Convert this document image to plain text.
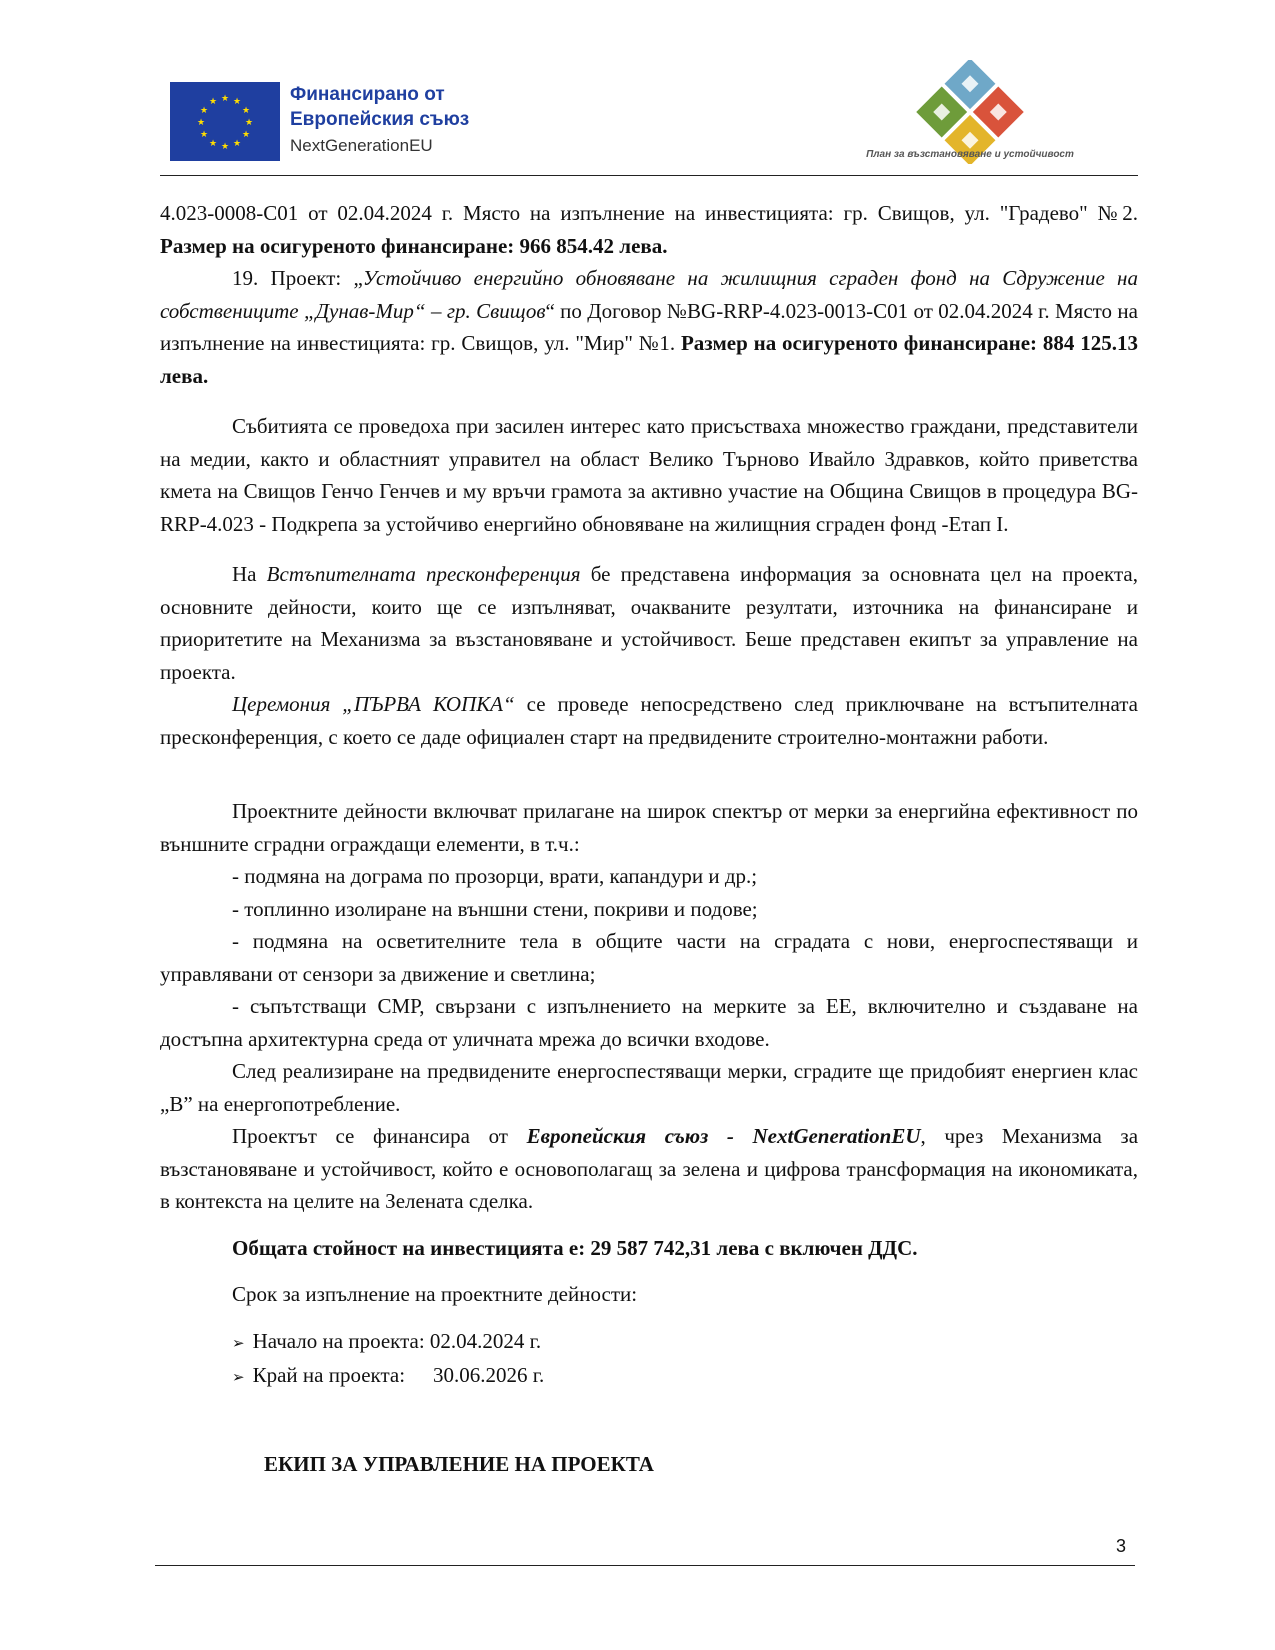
★ ★
★
★
★
★
★
★
★
★
★
★	Финансирано от
Европейския съюз
NextGenerationEU	План за възстановяване и устойчивост

4.023-0008-C01 от 02.04.2024 г. Място на изпълнение на инвестицията: гр. Свищов, ул. "Градево" №2. Размер на осигуреното финансиране: 966 854.42 лева.

19. Проект: „Устойчиво енергийно обновяване на жилищния сграден фонд на Сдружение на собствениците „Дунав-Мир“ – гр. Свищов“ по Договор №BG-RRP-4.023-0013-C01 от 02.04.2024 г. Място на изпълнение на инвестицията: гр. Свищов, ул. "Мир" №1. Размер на осигуреното финансиране: 884 125.13 лева.

Събитията се проведоха при засилен интерес като присъстваха множество граждани, представители на медии, както и областният управител на област Велико Търново Ивайло Здравков, който приветства кмета на Свищов Генчо Генчев и му връчи грамота за активно участие на Община Свищов в процедура BG-RRP-4.023 - Подкрепа за устойчиво енергийно обновяване на жилищния сграден фонд -Етап I.

На Встъпителната пресконференция бе представена информация за основната цел на проекта, основните дейности, които ще се изпълняват, очакваните резултати, източника на финансиране и приоритетите на Механизма за възстановяване и устойчивост. Беше представен екипът за управление на проекта.

Церемония „ПЪРВА КОПКА“ се проведе непосредствено след приключване на встъпителната пресконференция, с което се даде официален старт на предвидените строително-монтажни работи.

Проектните дейности включват прилагане на широк спектър от мерки за енергийна ефективност по външните сградни ограждащи елементи, в т.ч.:

- подмяна на дограма по прозорци, врати, капандури и др.;

- топлинно изолиране на външни стени, покриви и подове;

- подмяна на осветителните тела в общите части на сградата с нови, енергоспестяващи и управлявани от сензори за движение и светлина;

- съпътстващи СМР, свързани с изпълнението на мерките за ЕЕ, включително и създаване на достъпна архитектурна среда от уличната мрежа до всички входове.

След реализиране на предвидените енергоспестяващи мерки, сградите ще придобият енергиен клас „B” на енергопотребление.

Проектът се финансира от Европейския съюз - NextGenerationEU, чрез Механизма за възстановяване и устойчивост, който е основополагащ за зелена и цифрова трансформация на икономиката, в контекста на целите на Зелената сделка.

Общата стойност на инвестицията е: 29 587 742,31 лева с включен ДДС.

Срок за изпълнение на проектните дейности:

➢ Начало на проекта: 02.04.2024 г.

➢ Край на проекта: 30.06.2026 г.

ЕКИП ЗА УПРАВЛЕНИЕ НА ПРОЕКТА

3
